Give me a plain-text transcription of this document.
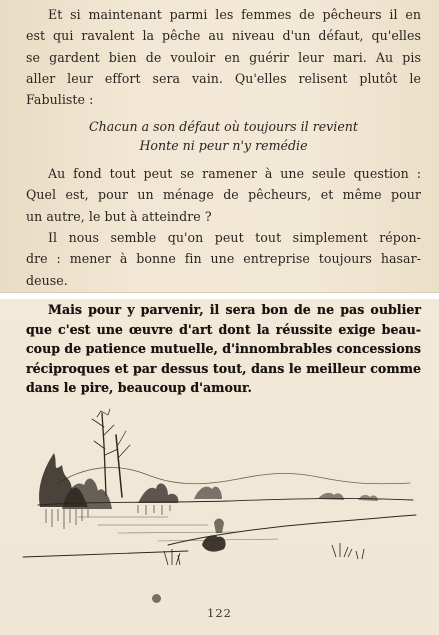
Et si maintenant parmi les femmes de pêcheurs il en
est qui ravalent la pêche au niveau d'un défaut, qu'elles
se gardent bien de vouloir en guérir leur mari. Au pis
aller leur effort sera vain. Qu'elles relisent plutôt le
Fabuliste :
Chacun a son défaut où toujours il revient
Honte ni peur n'y remédie
Au fond tout peut se ramener à une seule question :
Quel est, pour un ménage de pêcheurs, et même pour
un autre, le but à atteindre ?
Il nous semble qu'on peut tout simplement répon-
dre : mener à bonne fin une entreprise toujours hasar-
deuse.
Mais pour y parvenir, il sera bon de ne pas oublier
que c'est une œuvre d'art dont la réussite exige beau-
coup de patience mutuelle, d'innombrables concessions
réciproques et par dessus tout, dans le meilleur comme
dans le pire, beaucoup d'amour.
122
